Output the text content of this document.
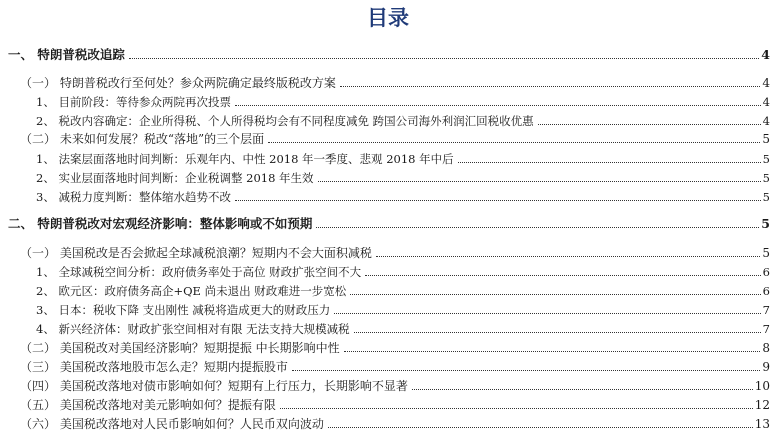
目录
一、 特朗普税改追踪	4
（一） 特朗普税改行至何处？参众两院确定最终版税改方案	4
1、 目前阶段：等待参众两院再次投票	4
2、 税改内容确定：企业所得税、个人所得税均会有不同程度减免 跨国公司海外利润汇回税收优惠	4
（二） 未来如何发展？税改“落地”的三个层面	5
1、 法案层面落地时间判断：乐观年内、中性 2018 年一季度、悲观 2018 年中后	5
2、 实业层面落地时间判断：企业税调整 2018 年生效	5
3、 减税力度判断：整体缩水趋势不改	5
二、 特朗普税改对宏观经济影响：整体影响或不如预期	5
（一） 美国税改是否会掀起全球减税浪潮？短期内不会大面积减税	5
1、 全球减税空间分析：政府债务率处于高位 财政扩张空间不大	6
2、 欧元区：政府债务高企+QE 尚未退出 财政难进一步宽松	6
3、 日本：税收下降 支出刚性 减税将造成更大的财政压力	7
4、 新兴经济体：财政扩张空间相对有限 无法支持大规模减税	7
（二） 美国税改对美国经济影响？短期提振 中长期影响中性	8
（三） 美国税改落地股市怎么走？短期内提振股市	9
（四） 美国税改落地对债市影响如何？短期有上行压力，长期影响不显著	10
（五） 美国税改落地对美元影响如何？提振有限	12
（六） 美国税改落地对人民币影响如何？人民币双向波动	13
